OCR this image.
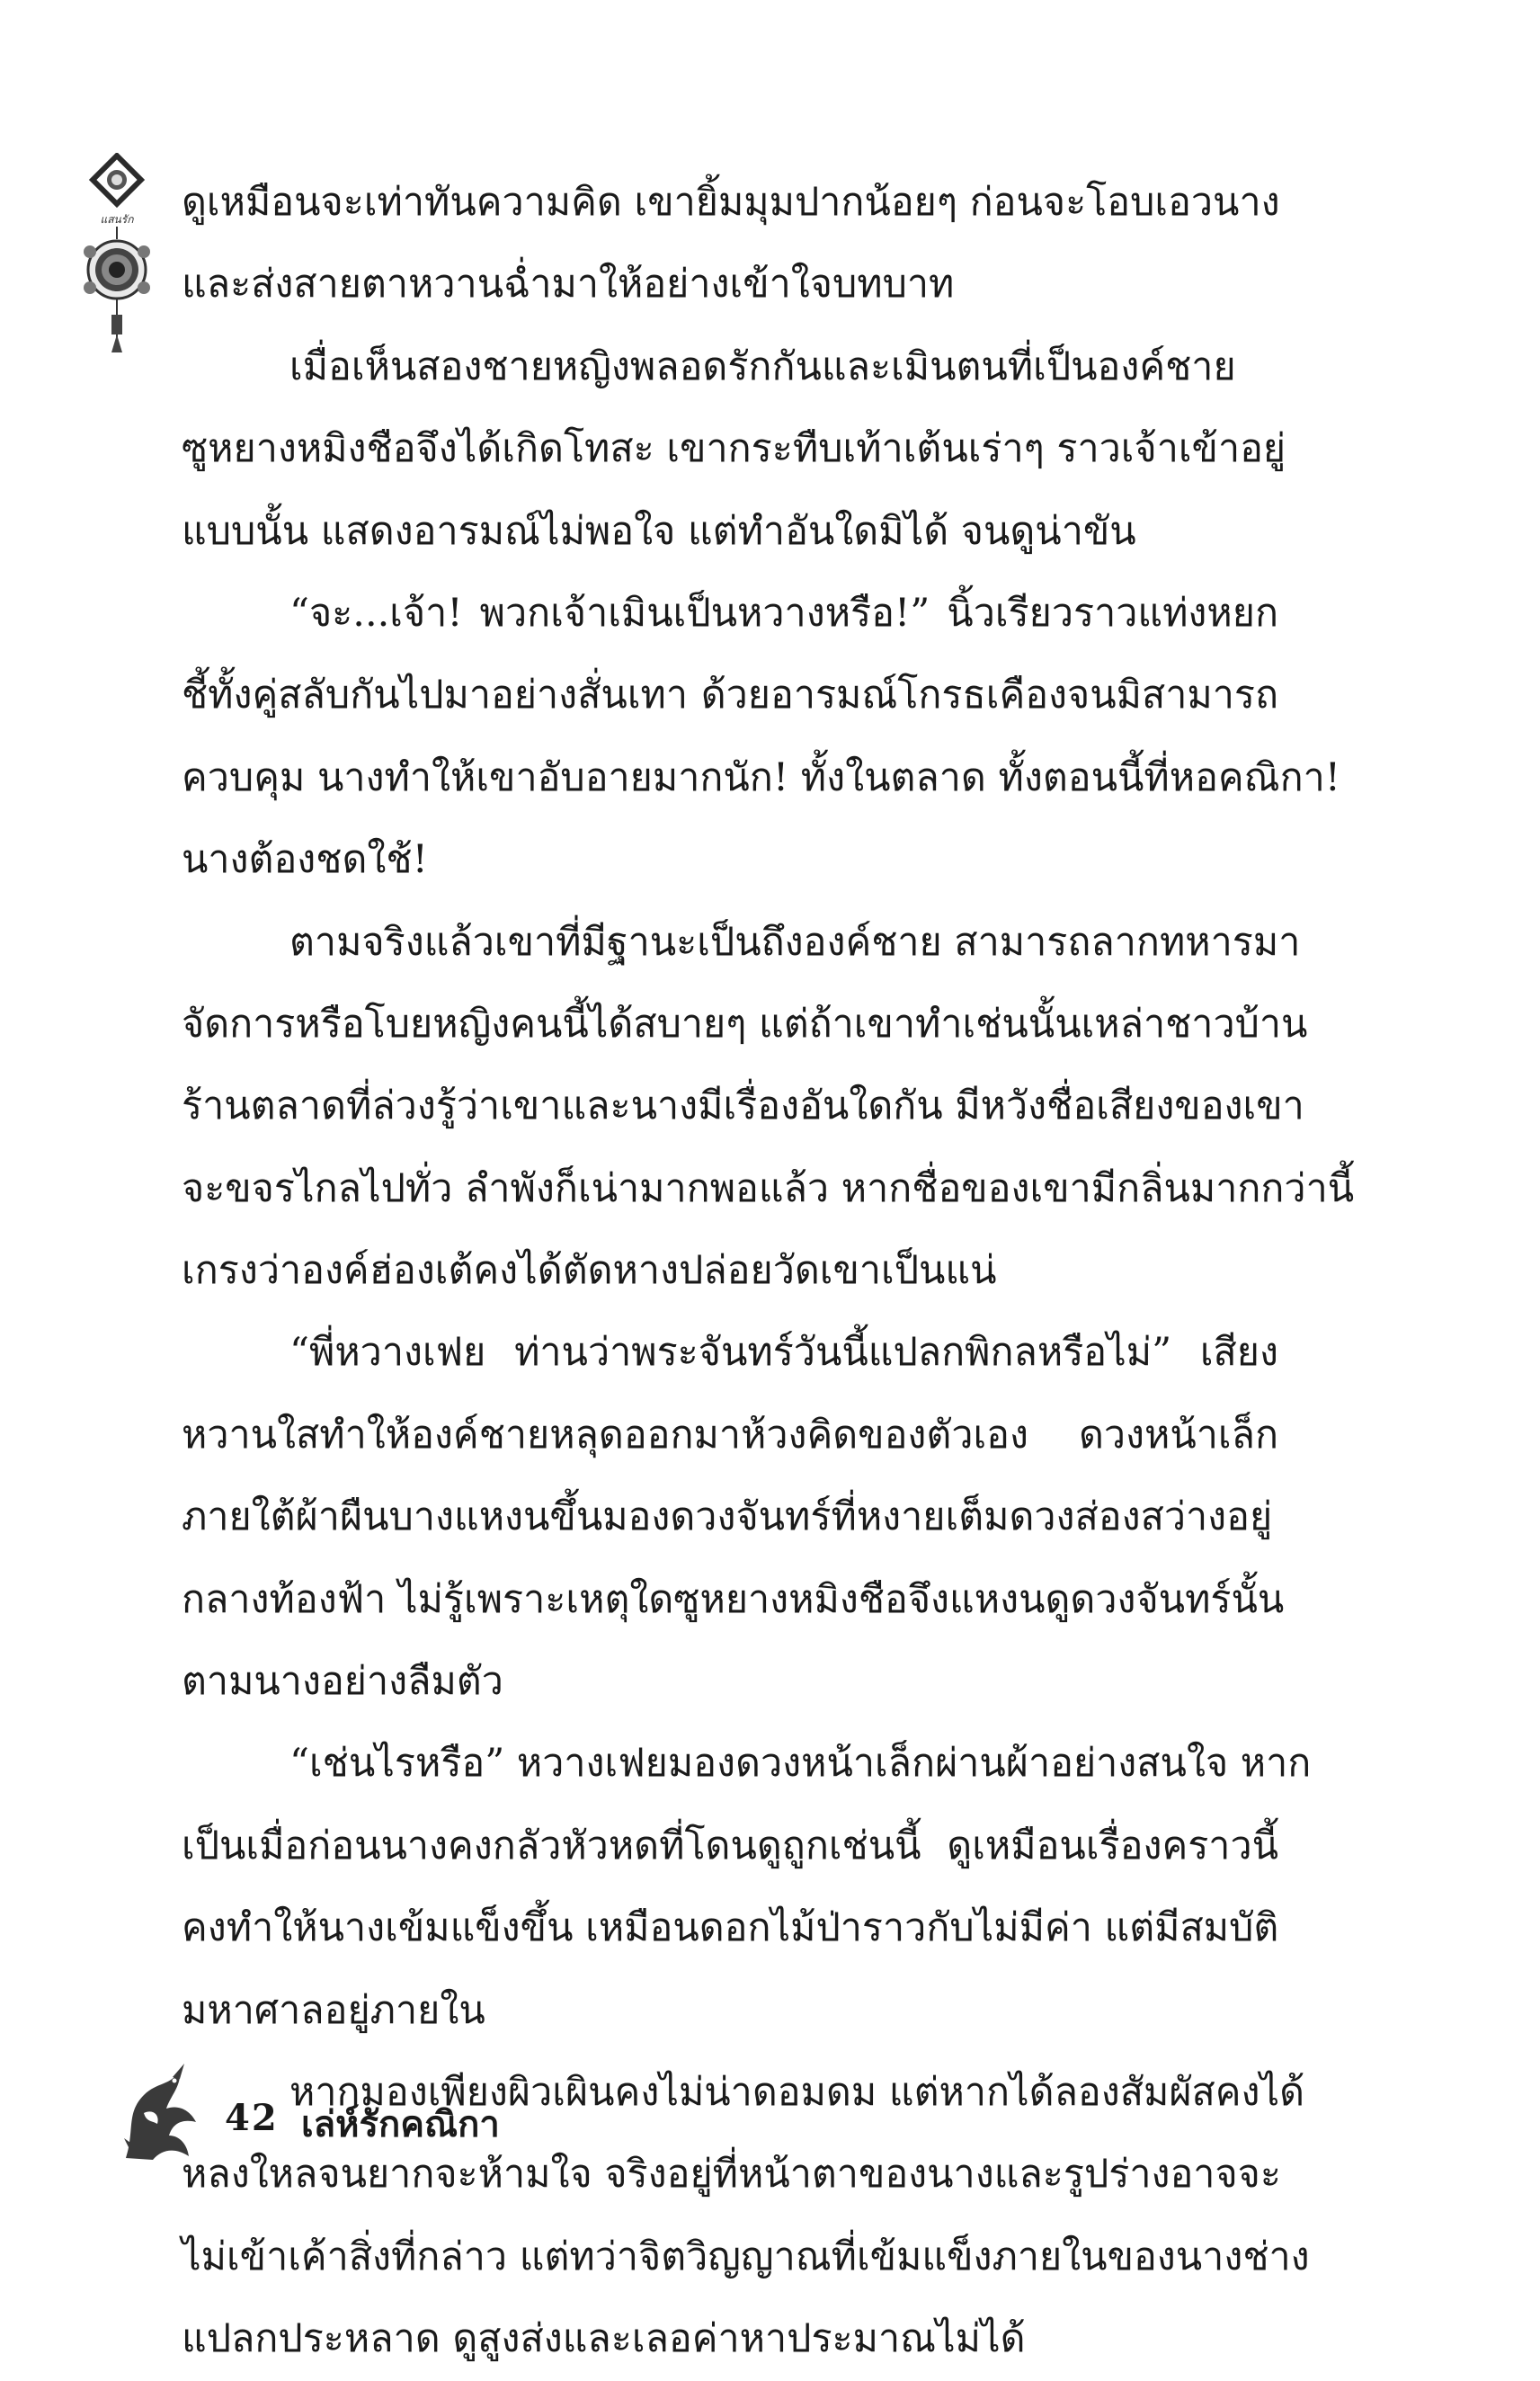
แสนรัก ดูเหมือนจะเท่าทันความคิด เขายิ้มมุมปากน้อยๆ ก่อนจะโอบเอวนาง
และส่งสายตาหวานฉ่ำมาให้อย่างเข้าใจบทบาท
เมื่อเห็นสองชายหญิงพลอดรักกันและเมินตนที่เป็นองค์ชาย
ซูหยางหมิงชือจึงได้เกิดโทสะ เขากระทืบเท้าเต้นเร่าๆ ราวเจ้าเข้าอยู่
แบบนั้น แสดงอารมณ์ไม่พอใจ แต่ทำอันใดมิได้ จนดูน่าขัน
“จะ...เจ้า! พวกเจ้าเมินเป็นหวางหรือ!” นิ้วเรียวราวแท่งหยก
ชี้ทั้งคู่สลับกันไปมาอย่างสั่นเทา ด้วยอารมณ์โกรธเคืองจนมิสามารถ
ควบคุม นางทำให้เขาอับอายมากนัก! ทั้งในตลาด ทั้งตอนนี้ที่หอคณิกา!
นางต้องชดใช้!
ตามจริงแล้วเขาที่มีฐานะเป็นถึงองค์ชาย สามารถลากทหารมา
จัดการหรือโบยหญิงคนนี้ได้สบายๆ แต่ถ้าเขาทำเช่นนั้นเหล่าชาวบ้าน
ร้านตลาดที่ล่วงรู้ว่าเขาและนางมีเรื่องอันใดกัน มีหวังชื่อเสียงของเขา
จะขจรไกลไปทั่ว ลำพังก็เน่ามากพอแล้ว หากชื่อของเขามีกลิ่นมากกว่านี้
เกรงว่าองค์ฮ่องเต้คงได้ตัดหางปล่อยวัดเขาเป็นแน่
“พี่หวางเฟย ท่านว่าพระจันทร์วันนี้แปลกพิกลหรือไม่” เสียง
หวานใสทำให้องค์ชายหลุดออกมาห้วงคิดของตัวเอง ดวงหน้าเล็ก
ภายใต้ผ้าผืนบางแหงนขึ้นมองดวงจันทร์ที่หงายเต็มดวงส่องสว่างอยู่
กลางท้องฟ้า ไม่รู้เพราะเหตุใดซูหยางหมิงชือจึงแหงนดูดวงจันทร์นั้น
ตามนางอย่างลืมตัว
“เช่นไรหรือ” หวางเฟยมองดวงหน้าเล็กผ่านผ้าอย่างสนใจ หาก
เป็นเมื่อก่อนนางคงกลัวหัวหดที่โดนดูถูกเช่นนี้ ดูเหมือนเรื่องคราวนี้
คงทำให้นางเข้มแข็งขึ้น เหมือนดอกไม้ป่าราวกับไม่มีค่า แต่มีสมบัติ
มหาศาลอยู่ภายใน
หากมองเพียงผิวเผินคงไม่น่าดอมดม แต่หากได้ลองสัมผัสคงได้
หลงใหลจนยากจะห้ามใจ จริงอยู่ที่หน้าตาของนางและรูปร่างอาจจะ
ไม่เข้าเค้าสิ่งที่กล่าว แต่ทว่าจิตวิญญาณที่เข้มแข็งภายในของนางช่าง
แปลกประหลาด ดูสูงส่งและเลอค่าหาประมาณไม่ได้
42 เล่ห์รักคณิกา
